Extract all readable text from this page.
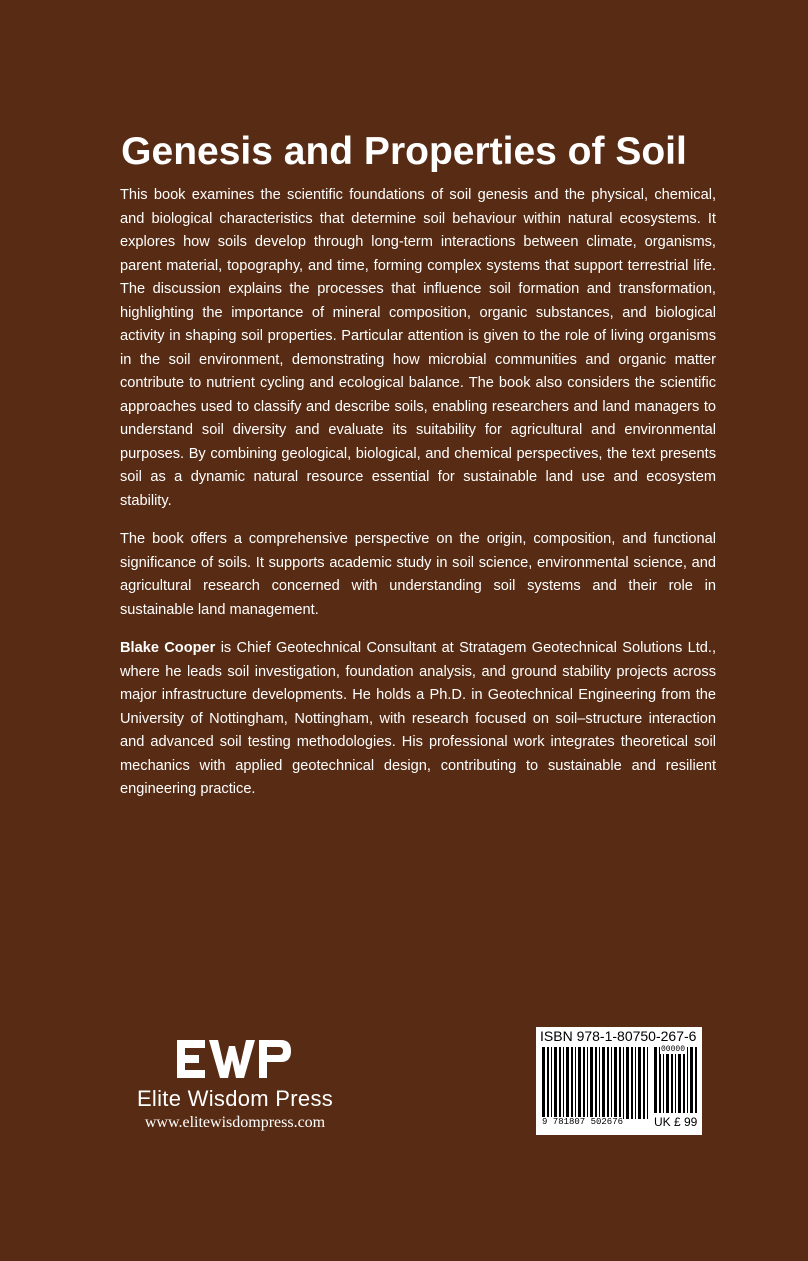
Genesis and Properties of Soil

This book examines the scientific foundations of soil genesis and the physical, chemical, and biological characteristics that determine soil behaviour within natural ecosystems. It explores how soils develop through long-term interactions between climate, organisms, parent material, topography, and time, forming complex systems that support terrestrial life. The discussion explains the processes that influence soil formation and transformation, highlighting the importance of mineral composition, organic substances, and biological activity in shaping soil properties. Particular attention is given to the role of living organisms in the soil environment, demonstrating how microbial communities and organic matter contribute to nutrient cycling and ecological balance. The book also considers the scientific approaches used to classify and describe soils, enabling researchers and land managers to understand soil diversity and evaluate its suitability for agricultural and environmental purposes. By combining geological, biological, and chemical perspectives, the text presents soil as a dynamic natural resource essential for sustainable land use and ecosystem stability.

The book offers a comprehensive perspective on the origin, composition, and functional significance of soils. It supports academic study in soil science, environmental science, and agricultural research concerned with understanding soil systems and their role in sustainable land management.

Blake Cooper is Chief Geotechnical Consultant at Stratagem Geotechnical Solutions Ltd., where he leads soil investigation, foundation analysis, and ground stability projects across major infrastructure developments. He holds a Ph.D. in Geotechnical Engineering from the University of Nottingham, Nottingham, with research focused on soil–structure interaction and advanced soil testing methodologies. His professional work integrates theoretical soil mechanics with applied geotechnical design, contributing to sustainable and resilient engineering practice.

Elite Wisdom Press
www.elitewisdompress.com
ISBN 978-1-80750-267-6
00000
9 781807 502676	UK £ 99
